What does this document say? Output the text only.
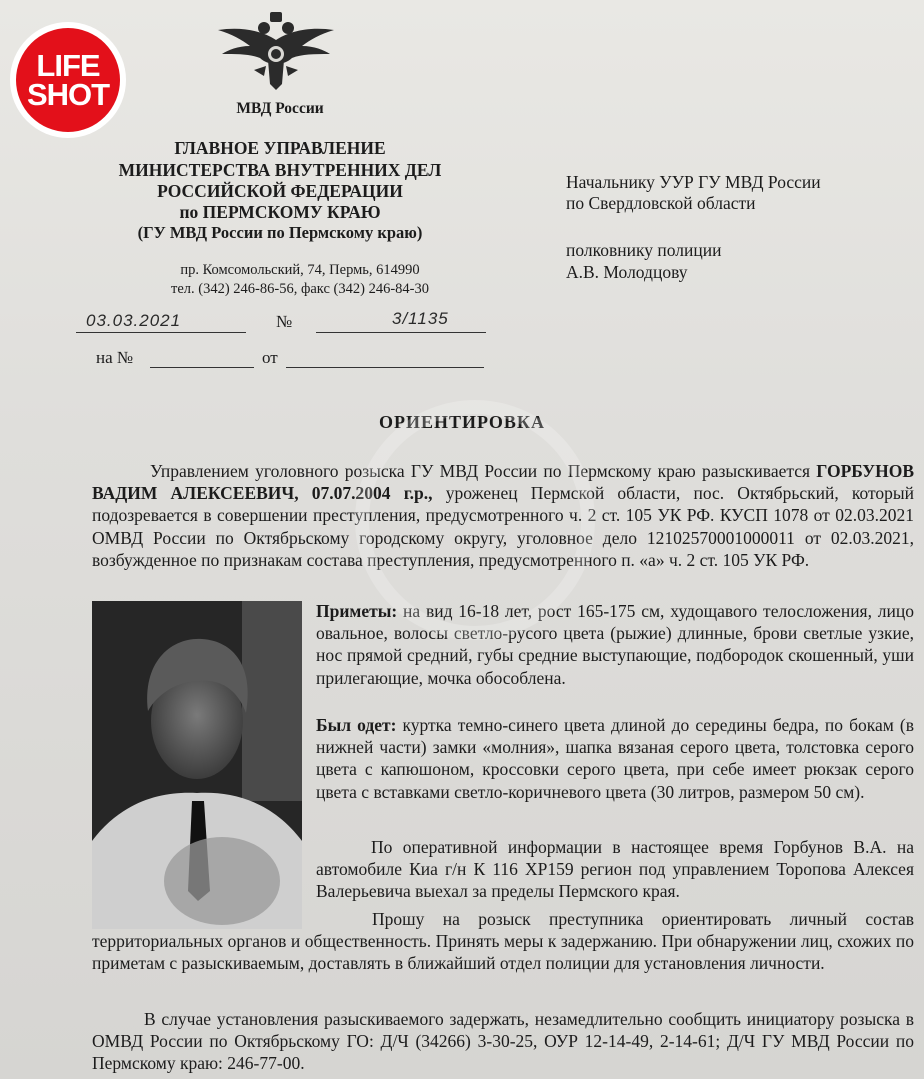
LIFE
SHOT	МВД России
ГЛАВНОЕ УПРАВЛЕНИЕ
МИНИСТЕРСТВА ВНУТРЕННИХ ДЕЛ
РОССИЙСКОЙ ФЕДЕРАЦИИ
по ПЕРМСКОМУ КРАЮ
(ГУ МВД России по Пермскому краю)
пр. Комсомольский, 74, Пермь, 614990
тел. (342) 246-86-56, факс (342) 246-84-30
Начальнику УУР ГУ МВД России
по Свердловской области
полковнику полиции
А.В. Молодцову
03.03.2021	№	3/1135
на №	от
ОРИЕНТИРОВКА
Управлением уголовного розыска ГУ МВД России по Пермскому краю разыскивается ГОРБУНОВ ВАДИМ АЛЕКСЕЕВИЧ, 07.07.2004 г.р., уроженец Пермской области, пос. Октябрьский, который подозревается в совершении преступления, предусмотренного ч. 2 ст. 105 УК РФ. КУСП 1078 от 02.03.2021 ОМВД России по Октябрьскому городскому округу, уголовное дело 12102570001000011 от 02.03.2021, возбужденное по признакам состава преступления, предусмотренного п. «а» ч. 2 ст. 105 УК РФ.
Приметы: на вид 16-18 лет, рост 165-175 см, худощавого телосложения, лицо овальное, волосы светло-русого цвета (рыжие) длинные, брови светлые узкие, нос прямой средний, губы средние выступающие, подбородок скошенный, уши прилегающие, мочка обособлена.
Был одет: куртка темно-синего цвета длиной до середины бедра, по бокам (в нижней части) замки «молния», шапка вязаная серого цвета, толстовка серого цвета с капюшоном, кроссовки серого цвета, при себе имеет рюкзак серого цвета с вставками светло-коричневого цвета (30 литров, размером 50 см).
По оперативной информации в настоящее время Горбунов В.А. на автомобиле Киа г/н К 116 ХР159 регион под управлением Торопова Алексея Валерьевича выехал за пределы Пермского края.
Прошу на розыск преступника ориентировать личный состав территориальных органов и общественность. Принять меры к задержанию. При обнаружении лиц, схожих по приметам с разыскиваемым, доставлять в ближайший отдел полиции для установления личности.
В случае установления разыскиваемого задержать, незамедлительно сообщить инициатору розыска в ОМВД России по Октябрьскому ГО: Д/Ч (34266) 3-30-25, ОУР 12-14-49, 2-14-61; Д/Ч ГУ МВД России по Пермскому краю: 246-77-00.
